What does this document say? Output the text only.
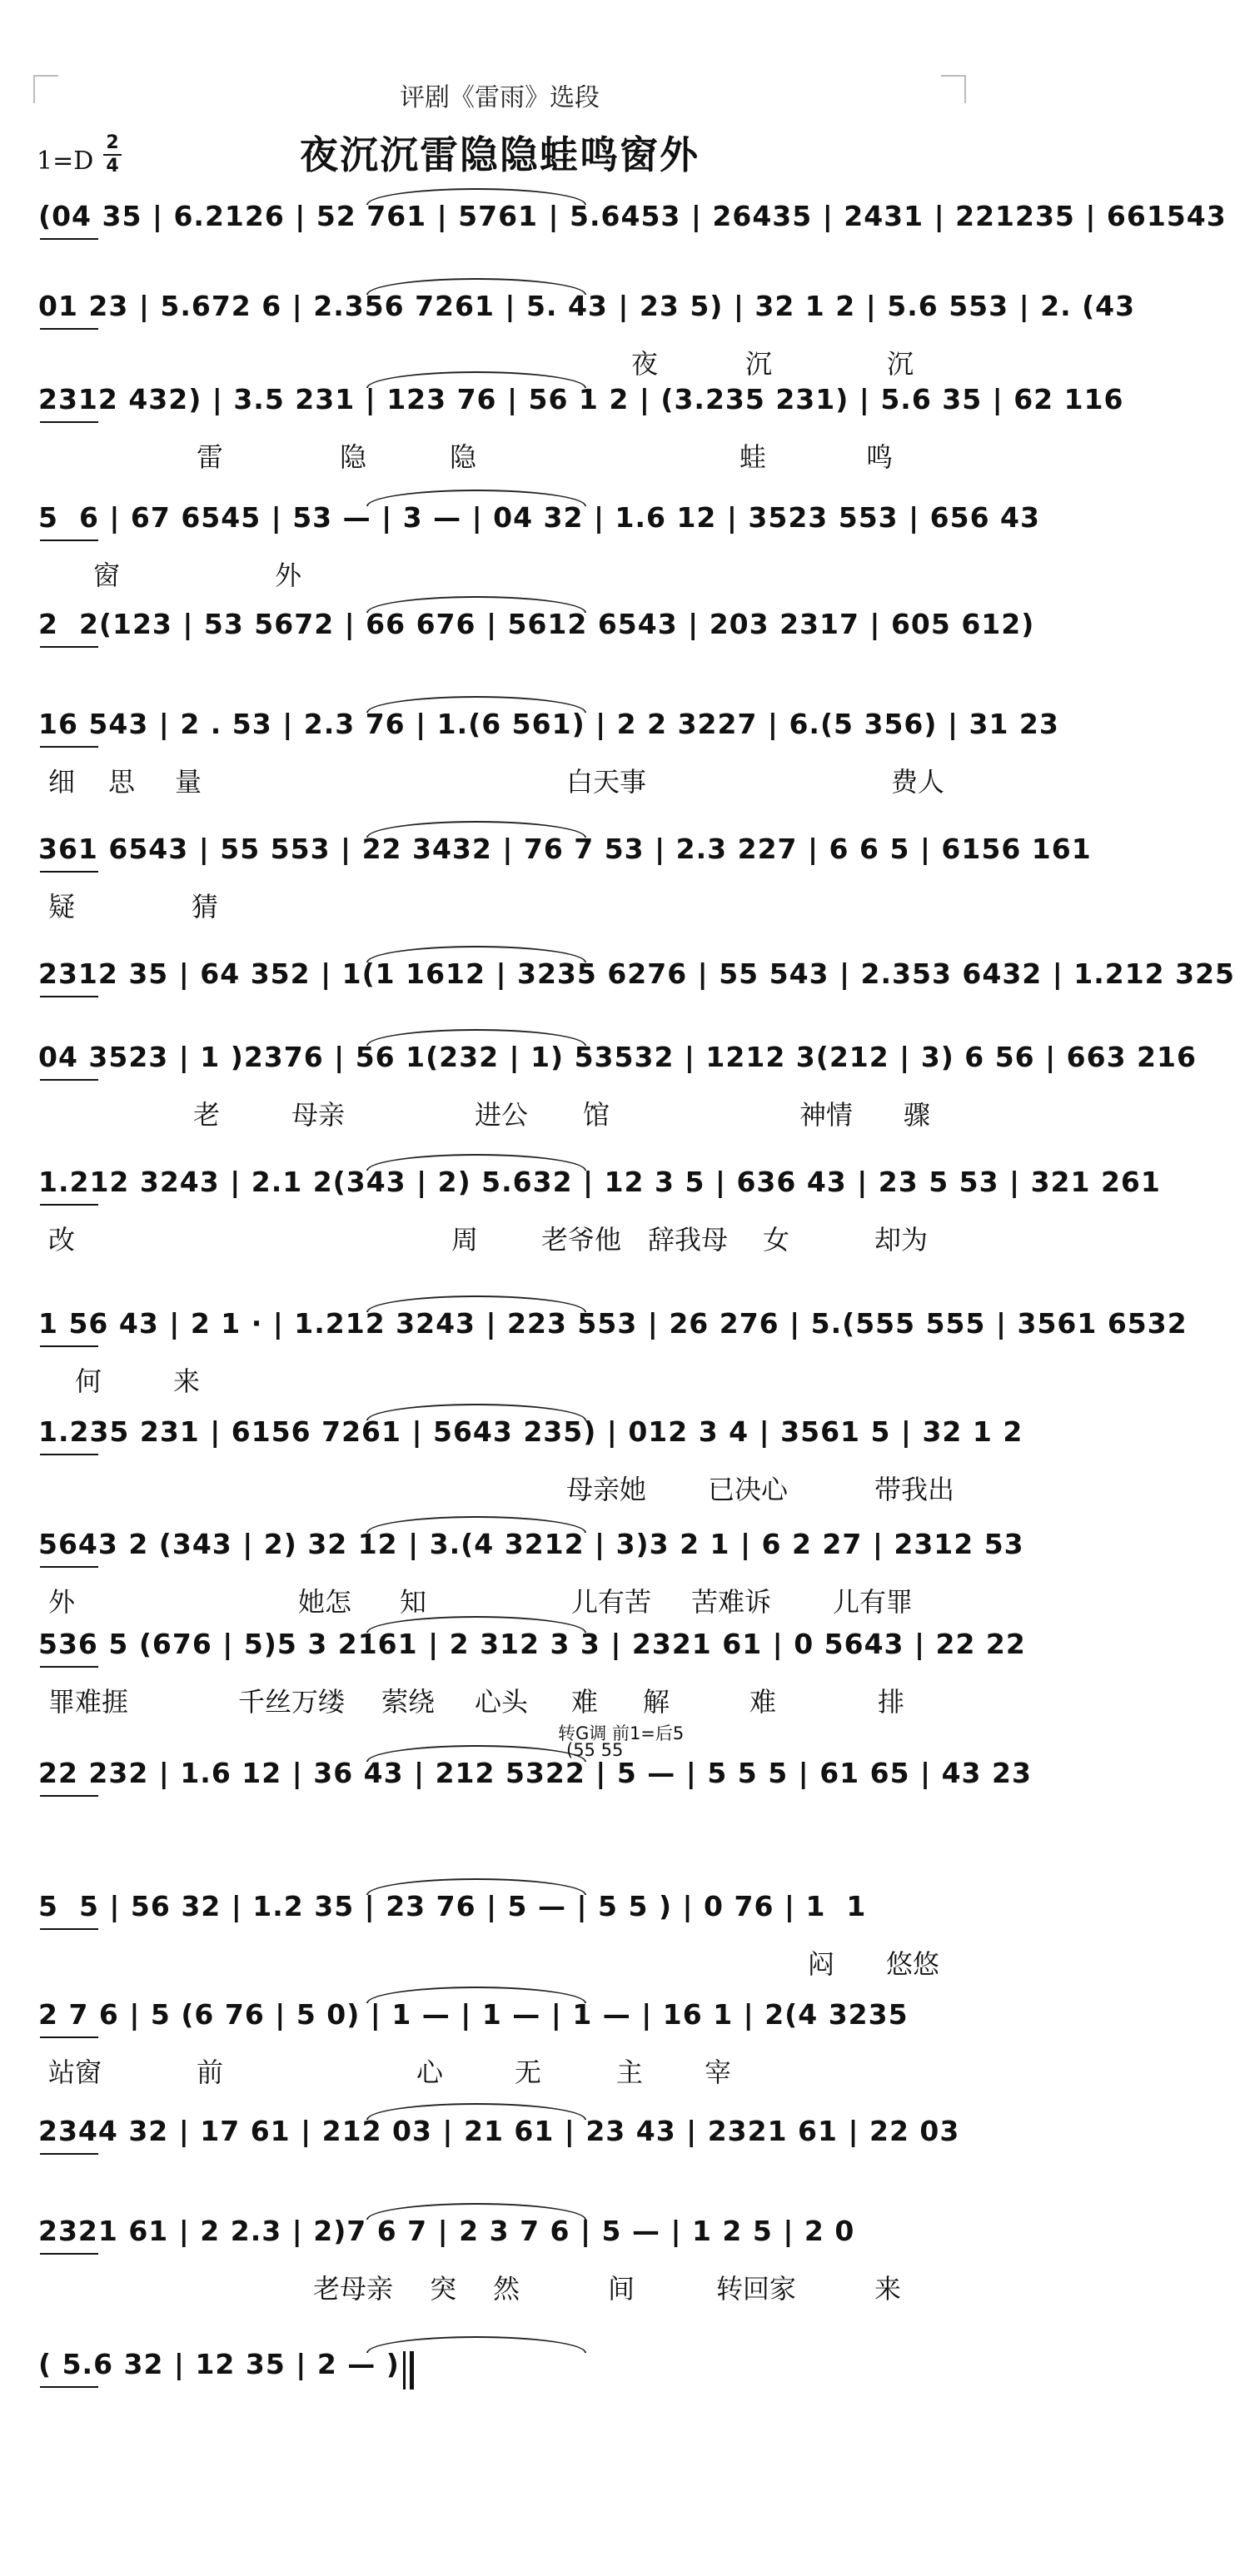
评剧《雷雨》选段
1=D
2
4	夜沉沉雷隐隐蛙鸣窗外
(04 35 | 6.2126 | 52 761 | 5761 | 5.6453 | 26435 | 2431 | 221235 | 661543
01 23 | 5.672 6 | 2.356 7261 | 5. 43 | 23 5) | 32 1 2 | 5.6 553 | 2. (43
夜	沉	沉
2312 432) | 3.5 231 | 123 76 | 56 1 2 | (3.235 231) | 5.6 35 | 62 116
雷	隐	隐	蛙	鸣
5  6 | 67 6545 | 53 — | 3 — | 04 32 | 1.6 12 | 3523 553 | 656 43
窗	外
2  2(123 | 53 5672 | 66 676 | 5612 6543 | 203 2317 | 605 612)
16 543 | 2 . 53 | 2.3 76 | 1.(6 561) | 2 2 3227 | 6.(5 356) | 31 23
细 思 量	白天事	费人
361 6543 | 55 553 | 22 3432 | 76 7 53 | 2.3 227 | 6 6 5 | 6156 161
疑	猜
2312 35 | 64 352 | 1(1 1612 | 3235 6276 | 55 543 | 2.353 6432 | 1.212 325
04 3523 | 1 )2376 | 56 1(232 | 1) 53532 | 1212 3(212 | 3) 6 56 | 663 216
老	母亲	进公 馆	神情 骤
1.212 3243 | 2.1 2(343 | 2) 5.632 | 12 3 5 | 636 43 | 23 5 53 | 321 261
改	周 老爷他 辞我母 女	却为
1 56 43 | 2 1 · | 1.212 3243 | 223 553 | 26 276 | 5.(555 555 | 3561 6532
何	来
1.235 231 | 6156 7261 | 5643 235) | 012 3 4 | 3561 5 | 32 1 2
母亲她 已决心	带我出
5643 2 (343 | 2) 32 12 | 3.(4 3212 | 3)3 2 1 | 6 2 27 | 2312 53
外	她怎 知	儿有苦 苦难诉 儿有罪
536 5 (676 | 5)5 3 2161 | 2 312 3 3 | 2321 61 | 0 5643 | 22 22
罪难捱	千丝万缕 萦绕 心头 难 解	难	排
22 232 | 1.6 12 | 36 43 | 212 5322 | 5 — | 5 5 5 | 61 65 | 43 23
转G调 前1=后5
(55 55
5  5 | 56 32 | 1.2 35 | 23 76 | 5 — | 5 5 ) | 0 76 | 1  1
闷 悠悠
2 7 6 | 5 (6 76 | 5 0) | 1 — | 1 — | 1 — | 16 1 | 2(4 3235
站窗	前	心	无	主 宰
2344 32 | 17 61 | 212 03 | 21 61 | 23 43 | 2321 61 | 22 03
2321 61 | 2 2.3 | 2)7 6 7 | 2 3 7 6 | 5 — | 1 2 5 | 2 0
老母亲 突 然	间	转回家	来
( 5.6 32 | 12 35 | 2 — )
